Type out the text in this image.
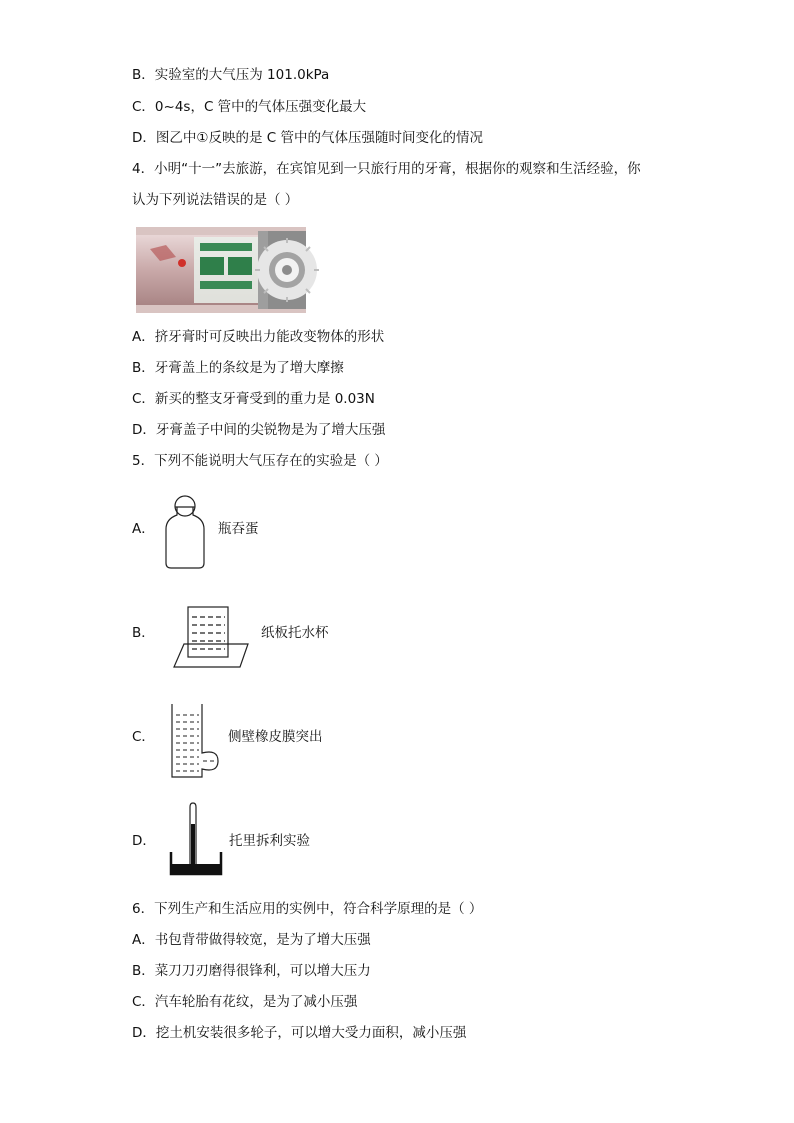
B．实验室的大气压为 101.0kPa
C．0~4s，C 管中的气体压强变化最大
D．图乙中①反映的是 C 管中的气体压强随时间变化的情况
4．小明“十一”去旅游，在宾馆见到一只旅行用的牙膏，根据你的观察和生活经验，你
认为下列说法错误的是（ ）
A．挤牙膏时可反映出力能改变物体的形状
B．牙膏盖上的条纹是为了增大摩擦
C．新买的整支牙膏受到的重力是 0.03N
D．牙膏盖子中间的尖锐物是为了增大压强
5．下列不能说明大气压存在的实验是（ ）
A．	瓶吞蛋
B．	纸板托水杯
C．	侧壁橡皮膜突出
D．	托里拆利实验
6．下列生产和生活应用的实例中，符合科学原理的是（ ）
A．书包背带做得较宽，是为了增大压强
B．菜刀刀刃磨得很锋利，可以增大压力
C．汽车轮胎有花纹，是为了减小压强
D．挖土机安装很多轮子，可以增大受力面积，减小压强
